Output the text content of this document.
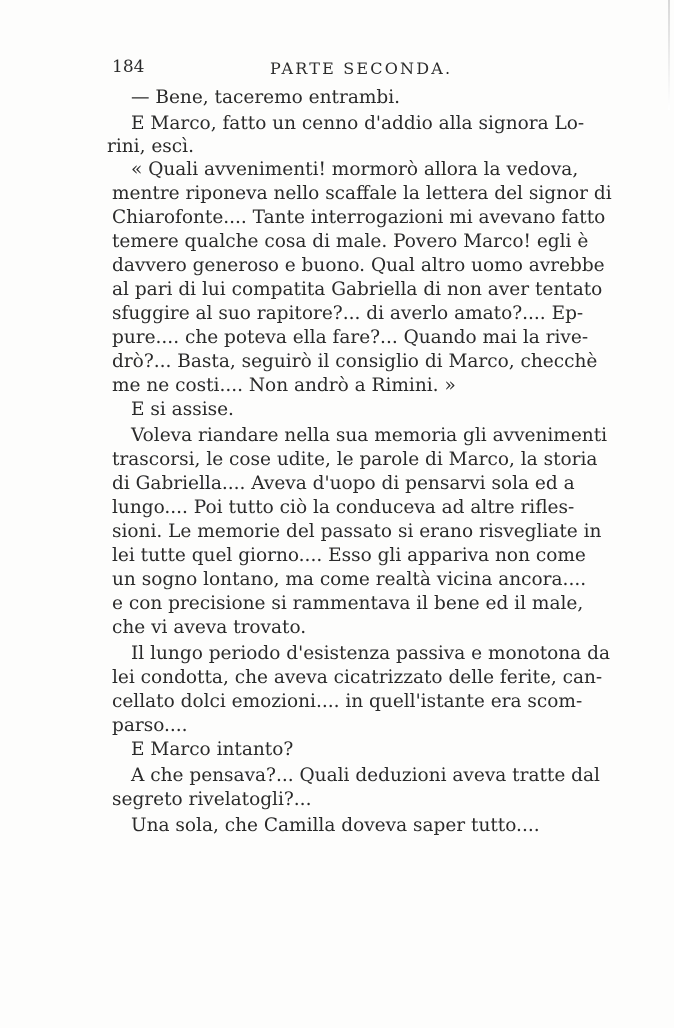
184	PARTE SECONDA.
— Bene, taceremo entrambi.
E Marco, fatto un cenno d'addio alla signora Lo-
rini, escì.
« Quali avvenimenti! mormorò allora la vedova,
mentre riponeva nello scaffale la lettera del signor di
Chiarofonte.... Tante interrogazioni mi avevano fatto
temere qualche cosa di male. Povero Marco! egli è
davvero generoso e buono. Qual altro uomo avrebbe
al pari di lui compatita Gabriella di non aver tentato
sfuggire al suo rapitore?... di averlo amato?.... Ep-
pure.... che poteva ella fare?... Quando mai la rive-
drò?... Basta, seguirò il consiglio di Marco, checchè
me ne costi.... Non andrò a Rimini. »
E si assise.
Voleva riandare nella sua memoria gli avvenimenti
trascorsi, le cose udite, le parole di Marco, la storia
di Gabriella.... Aveva d'uopo di pensarvi sola ed a
lungo.... Poi tutto ciò la conduceva ad altre rifles-
sioni. Le memorie del passato si erano risvegliate in
lei tutte quel giorno.... Esso gli appariva non come
un sogno lontano, ma come realtà vicina ancora....
e con precisione si rammentava il bene ed il male,
che vi aveva trovato.
Il lungo periodo d'esistenza passiva e monotona da
lei condotta, che aveva cicatrizzato delle ferite, can-
cellato dolci emozioni.... in quell'istante era scom-
parso....
E Marco intanto?
A che pensava?... Quali deduzioni aveva tratte dal
segreto rivelatogli?...
Una sola, che Camilla doveva saper tutto....
